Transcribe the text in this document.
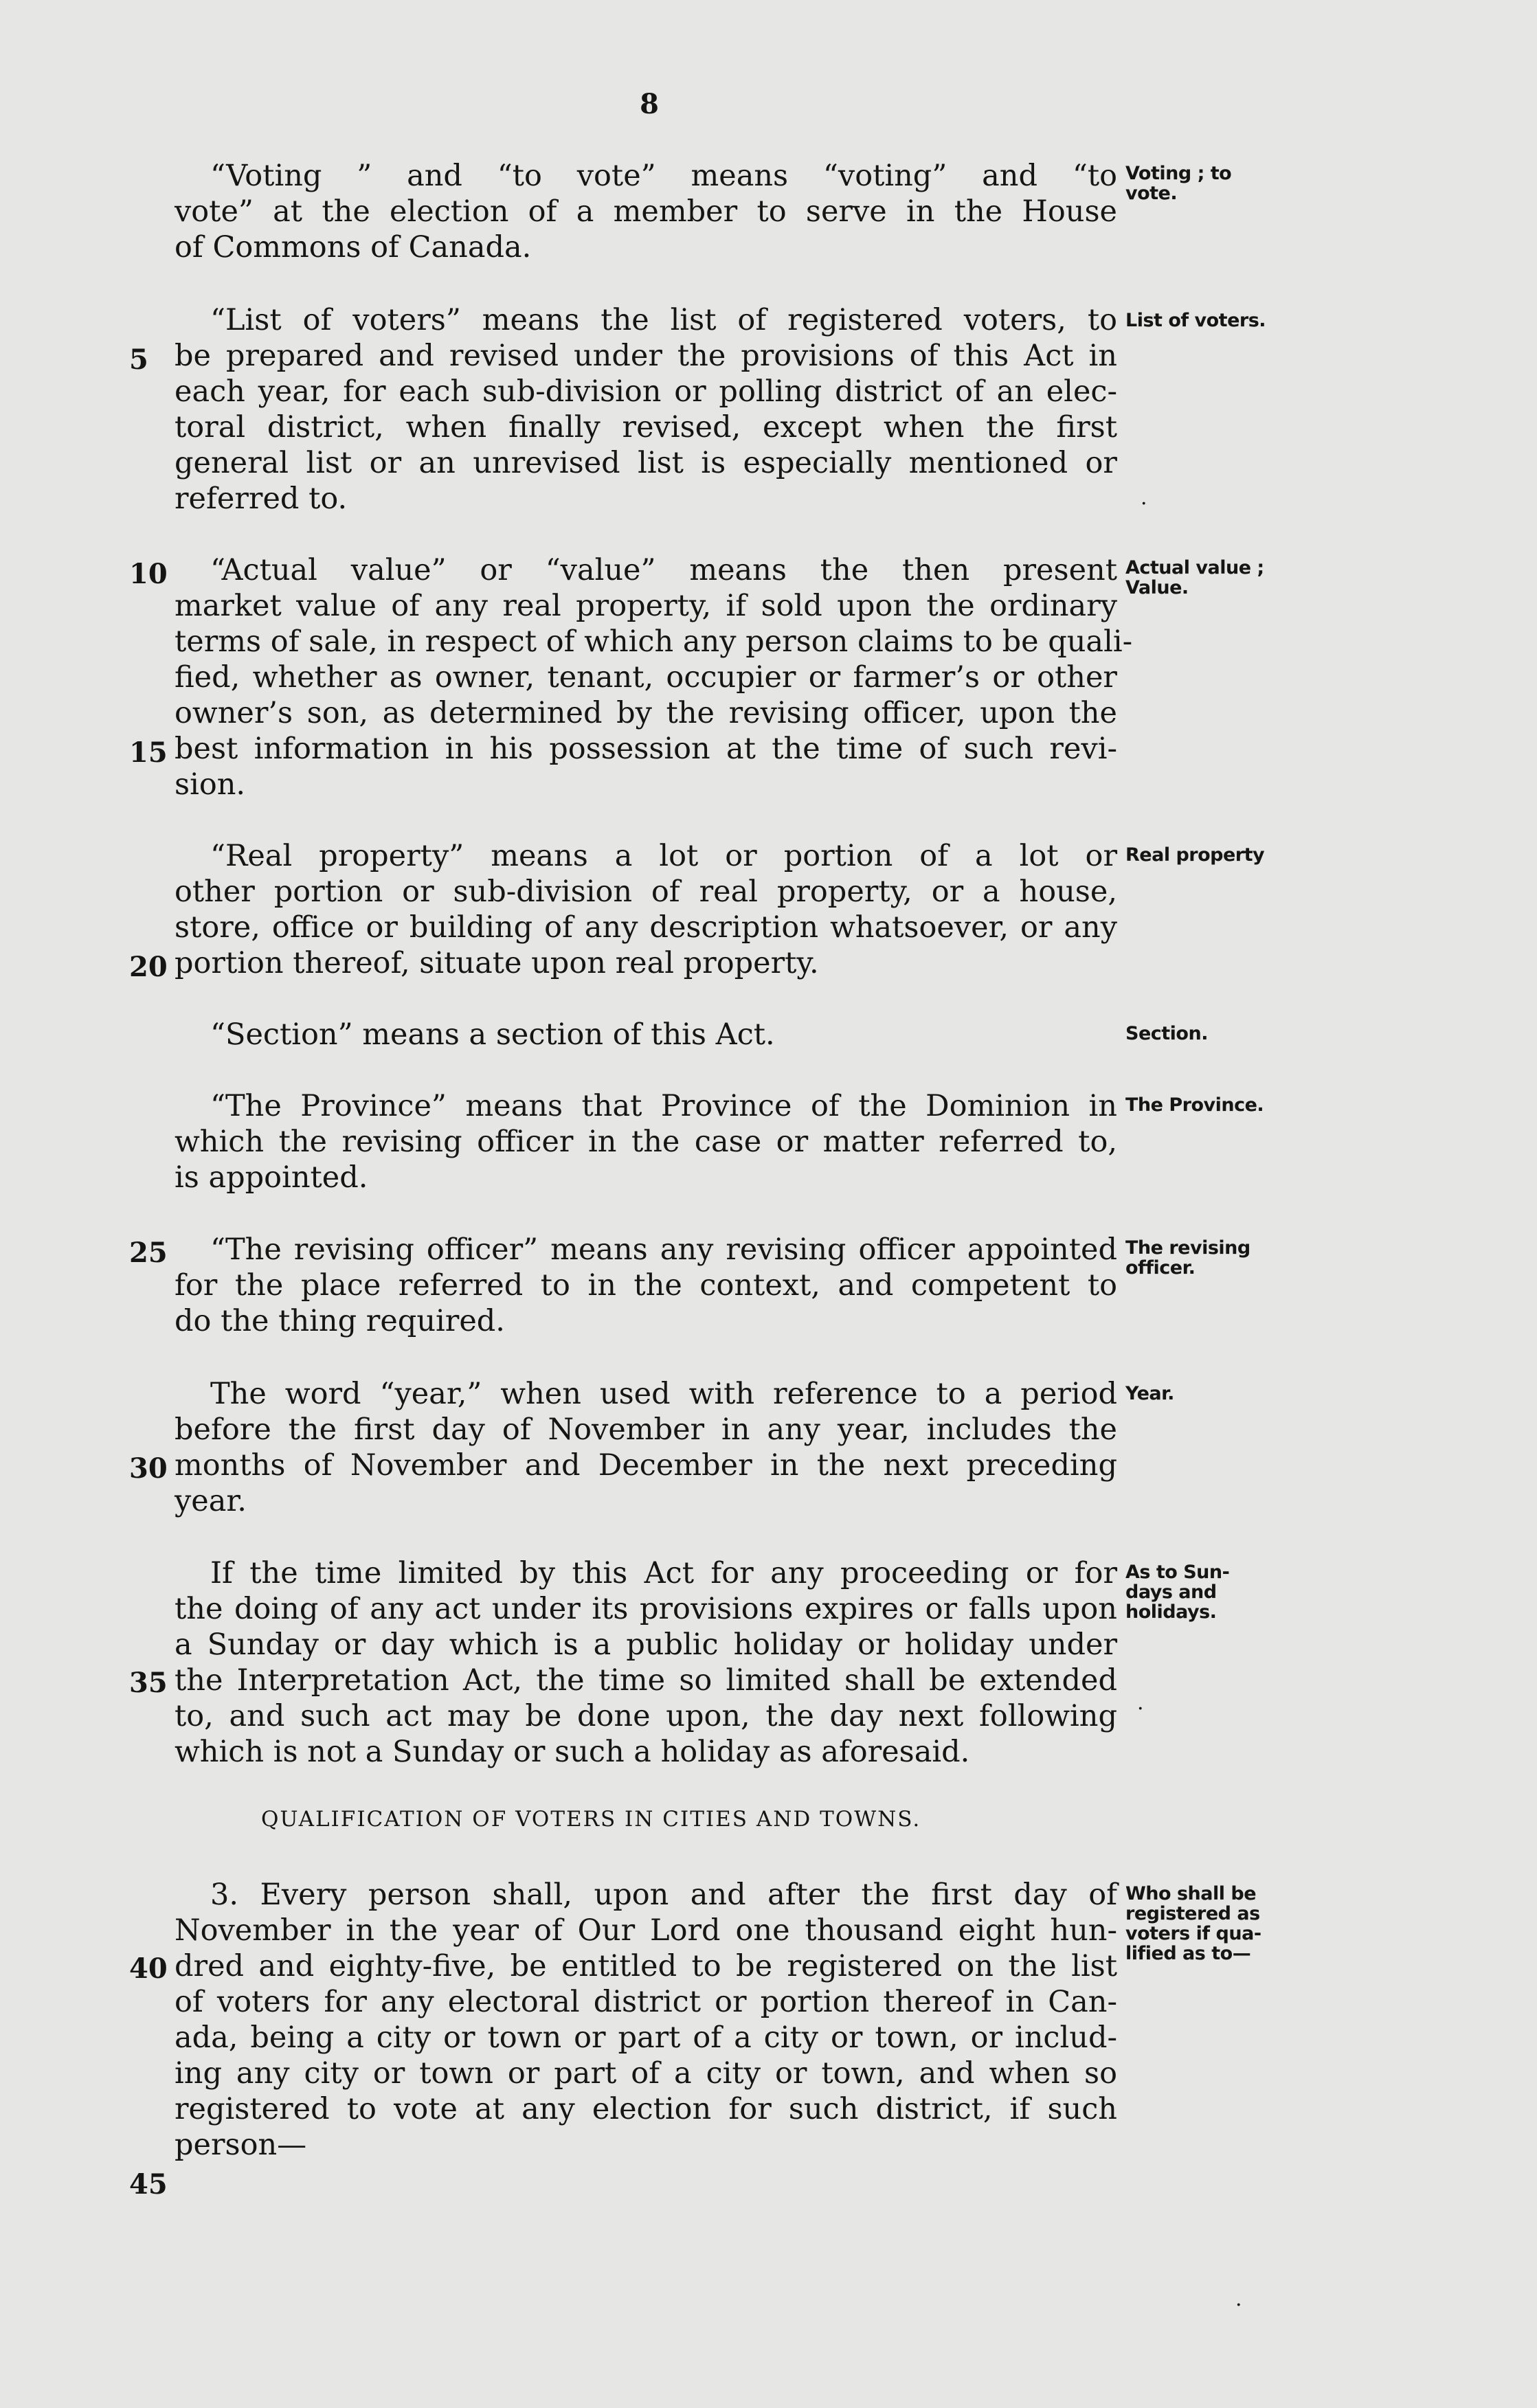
8
“Voting ” and “to vote” means “voting” and “to
vote” at the election of a member to serve in the House
of Commons of Canada.
“List of voters” means the list of registered voters, to
be prepared and revised under the provisions of this Act in
each year, for each sub-division or polling district of an elec-
toral district, when finally revised, except when the first
general list or an unrevised list is especially mentioned or
referred to.
“Actual value” or “value” means the then present
market value of any real property, if sold upon the ordinary
terms of sale, in respect of which any person claims to be quali-
fied, whether as owner, tenant, occupier or farmer’s or other
owner’s son, as determined by the revising officer, upon the
best information in his possession at the time of such revi-
sion.
“Real property” means a lot or portion of a lot or
other portion or sub-division of real property, or a house,
store, office or building of any description whatsoever, or any
portion thereof, situate upon real property.
“Section” means a section of this Act.
“The Province” means that Province of the Dominion in
which the revising officer in the case or matter referred to,
is appointed.
“The revising officer” means any revising officer appointed
for the place referred to in the context, and competent to
do the thing required.
The word “year,” when used with reference to a period
before the first day of November in any year, includes the
months of November and December in the next preceding
year.
If the time limited by this Act for any proceeding or for
the doing of any act under its provisions expires or falls upon
a Sunday or day which is a public holiday or holiday under
the Interpretation Act, the time so limited shall be extended
to, and such act may be done upon, the day next following
which is not a Sunday or such a holiday as aforesaid.
QUALIFICATION OF VOTERS IN CITIES AND TOWNS.
3. Every person shall, upon and after the first day of
November in the year of Our Lord one thousand eight hun-
dred and eighty-five, be entitled to be registered on the list
of voters for any electoral district or portion thereof in Can-
ada, being a city or town or part of a city or town, or includ-
ing any city or town or part of a city or town, and when so
registered to vote at any election for such district, if such
person—
5
10
15
20
25
30
35
40
45
Voting ; to
vote.
List of voters.
Actual value ;
Value.
Real property
Section.
The Province.
The revising
officer.
Year.
As to Sun-
days and
holidays.
Who shall be
registered as
voters if qua-
lified as to—
·
·
·
